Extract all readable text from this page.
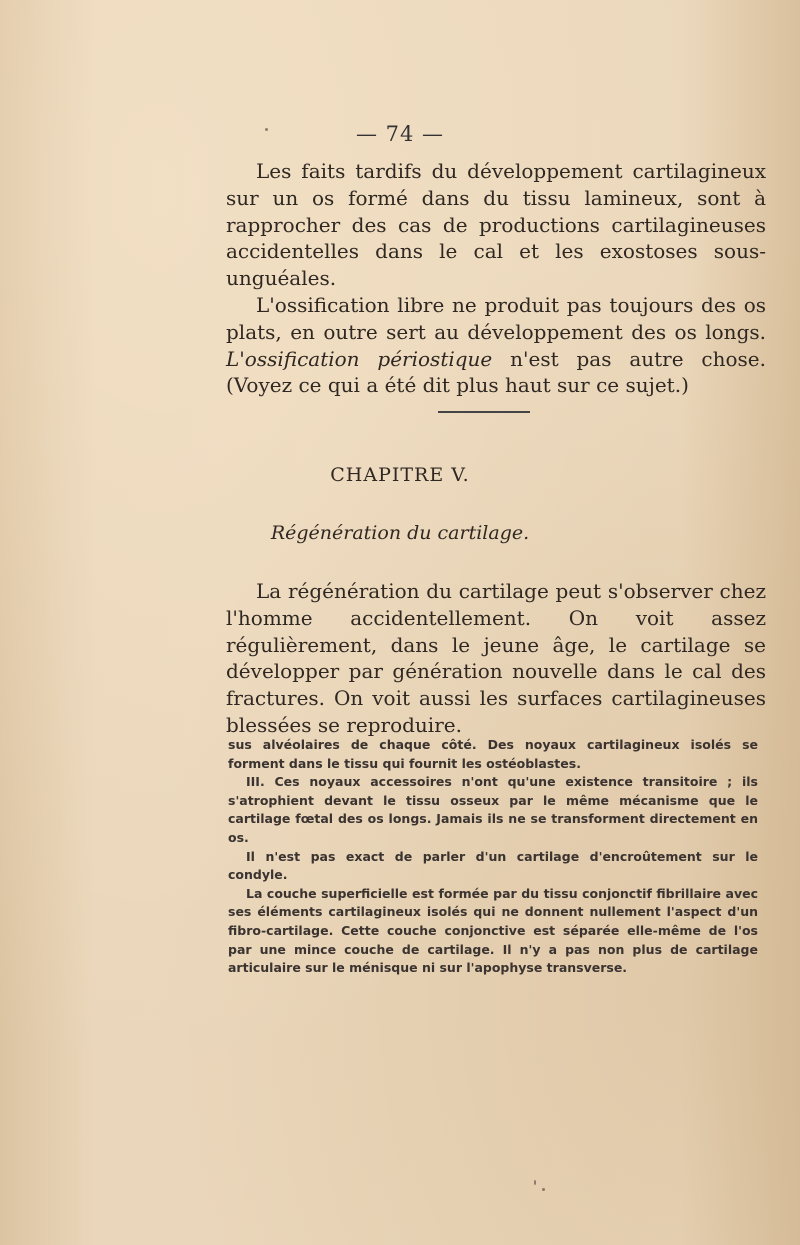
— 74 —

Les faits tardifs du développement cartilagineux sur un os formé dans du tissu lamineux, sont à rapprocher des cas de productions cartilagineuses accidentelles dans le cal et les exostoses sous-unguéales.

L'ossification libre ne produit pas toujours des os plats, en outre sert au développement des os longs. L'ossification périostique n'est pas autre chose. (Voyez ce qui a été dit plus haut sur ce sujet.)

CHAPITRE V.
Régénération du cartilage.

La régénération du cartilage peut s'observer chez l'homme accidentellement. On voit assez régulièrement, dans le jeune âge, le cartilage se développer par génération nouvelle dans le cal des fractures. On voit aussi les surfaces cartilagineuses blessées se reproduire.

sus alvéolaires de chaque côté. Des noyaux cartilagineux isolés se forment dans le tissu qui fournit les ostéoblastes.

III. Ces noyaux accessoires n'ont qu'une existence transitoire ; ils s'atrophient devant le tissu osseux par le même mécanisme que le cartilage fœtal des os longs. Jamais ils ne se transforment directement en os.

Il n'est pas exact de parler d'un cartilage d'encroûtement sur le condyle.

La couche superficielle est formée par du tissu conjonctif fibrillaire avec ses éléments cartilagineux isolés qui ne donnent nullement l'aspect d'un fibro-cartilage. Cette couche conjonctive est séparée elle-même de l'os par une mince couche de cartilage. Il n'y a pas non plus de cartilage articulaire sur le ménisque ni sur l'apophyse transverse.
